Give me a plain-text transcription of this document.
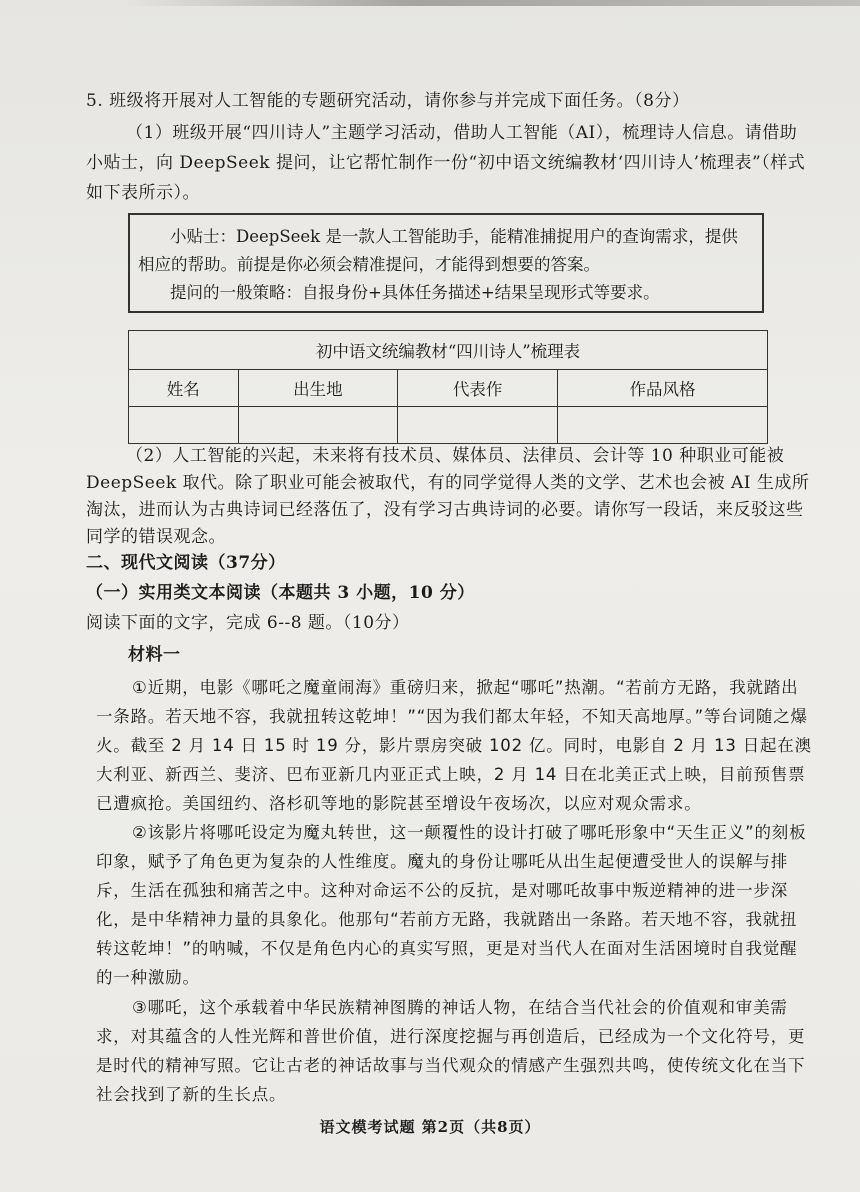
5. 班级将开展对人工智能的专题研究活动，请你参与并完成下面任务。（8分）

（1）班级开展“四川诗人”主题学习活动，借助人工智能（AI），梳理诗人信息。请借助小贴士，向 DeepSeek 提问，让它帮忙制作一份“初中语文统编教材‘四川诗人’梳理表”（样式如下表所示）。

小贴士：DeepSeek 是一款人工智能助手，能精准捕捉用户的查询需求，提供相应的帮助。前提是你必须会精准提问，才能得到想要的答案。

提问的一般策略：自报身份+具体任务描述+结果呈现形式等要求。

初中语文统编教材“四川诗人”梳理表			
姓名	出生地	代表作	作品风格

（2）人工智能的兴起，未来将有技术员、媒体员、法律员、会计等 10 种职业可能被 DeepSeek 取代。除了职业可能会被取代，有的同学觉得人类的文学、艺术也会被 AI 生成所淘汰，进而认为古典诗词已经落伍了，没有学习古典诗词的必要。请你写一段话，来反驳这些同学的错误观念。

二、现代文阅读（37分）

（一）实用类文本阅读（本题共 3 小题，10 分）

阅读下面的文字，完成 6--8 题。（10分）

材料一

①近期，电影《哪吒之魔童闹海》重磅归来，掀起“哪吒”热潮。“若前方无路，我就踏出一条路。若天地不容，我就扭转这乾坤！”“因为我们都太年轻，不知天高地厚。”等台词随之爆火。截至 2 月 14 日 15 时 19 分，影片票房突破 102 亿。同时，电影自 2 月 13 日起在澳大利亚、新西兰、斐济、巴布亚新几内亚正式上映，2 月 14 日在北美正式上映，目前预售票已遭疯抢。美国纽约、洛杉矶等地的影院甚至增设午夜场次，以应对观众需求。

②该影片将哪吒设定为魔丸转世，这一颠覆性的设计打破了哪吒形象中“天生正义”的刻板印象，赋予了角色更为复杂的人性维度。魔丸的身份让哪吒从出生起便遭受世人的误解与排斥，生活在孤独和痛苦之中。这种对命运不公的反抗，是对哪吒故事中叛逆精神的进一步深化，是中华精神力量的具象化。他那句“若前方无路，我就踏出一条路。若天地不容，我就扭转这乾坤！”的呐喊，不仅是角色内心的真实写照，更是对当代人在面对生活困境时自我觉醒的一种激励。

③哪吒，这个承载着中华民族精神图腾的神话人物，在结合当代社会的价值观和审美需求，对其蕴含的人性光辉和普世价值，进行深度挖掘与再创造后，已经成为一个文化符号，更是时代的精神写照。它让古老的神话故事与当代观众的情感产生强烈共鸣，使传统文化在当下社会找到了新的生长点。

语文模考试题 第2页（共8页）
